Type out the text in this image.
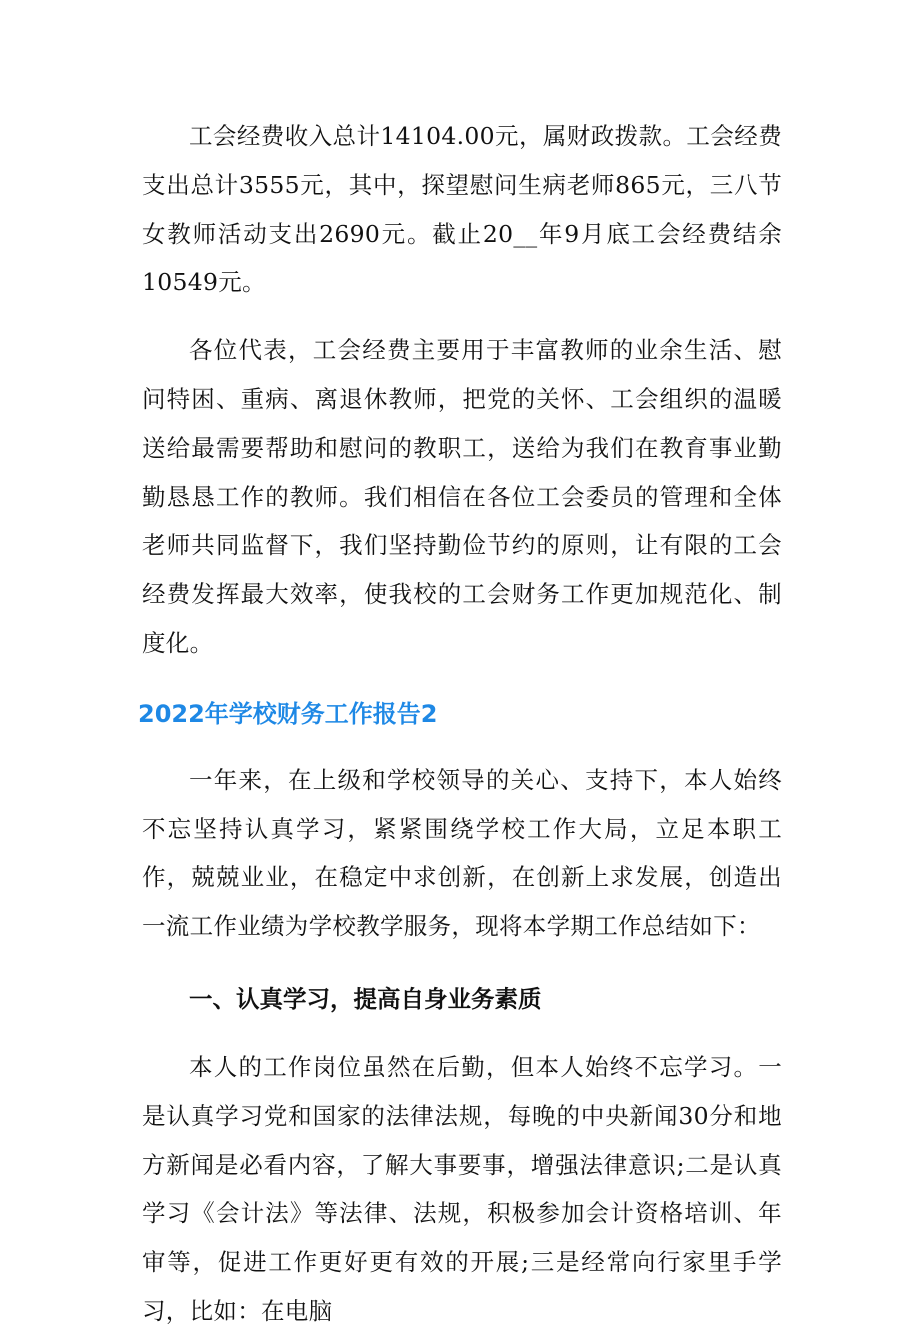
工会经费收入总计14104.00元，属财政拨款。工会经费支出总计3555元，其中，探望慰问生病老师865元，三八节女教师活动支出2690元。截止20__年9月底工会经费结余10549元。

各位代表，工会经费主要用于丰富教师的业余生活、慰问特困、重病、离退休教师，把党的关怀、工会组织的温暖送给最需要帮助和慰问的教职工，送给为我们在教育事业勤勤恳恳工作的教师。我们相信在各位工会委员的管理和全体老师共同监督下，我们坚持勤俭节约的原则，让有限的工会经费发挥最大效率，使我校的工会财务工作更加规范化、制度化。

2022年学校财务工作报告2

一年来，在上级和学校领导的关心、支持下，本人始终不忘坚持认真学习，紧紧围绕学校工作大局，立足本职工作，兢兢业业，在稳定中求创新，在创新上求发展，创造出一流工作业绩为学校教学服务，现将本学期工作总结如下：

一、认真学习，提高自身业务素质

本人的工作岗位虽然在后勤，但本人始终不忘学习。一是认真学习党和国家的法律法规，每晚的中央新闻30分和地方新闻是必看内容，了解大事要事，增强法律意识;二是认真学习《会计法》等法律、法规，积极参加会计资格培训、年审等，促进工作更好更有效的开展;三是经常向行家里手学习，比如：在电脑
